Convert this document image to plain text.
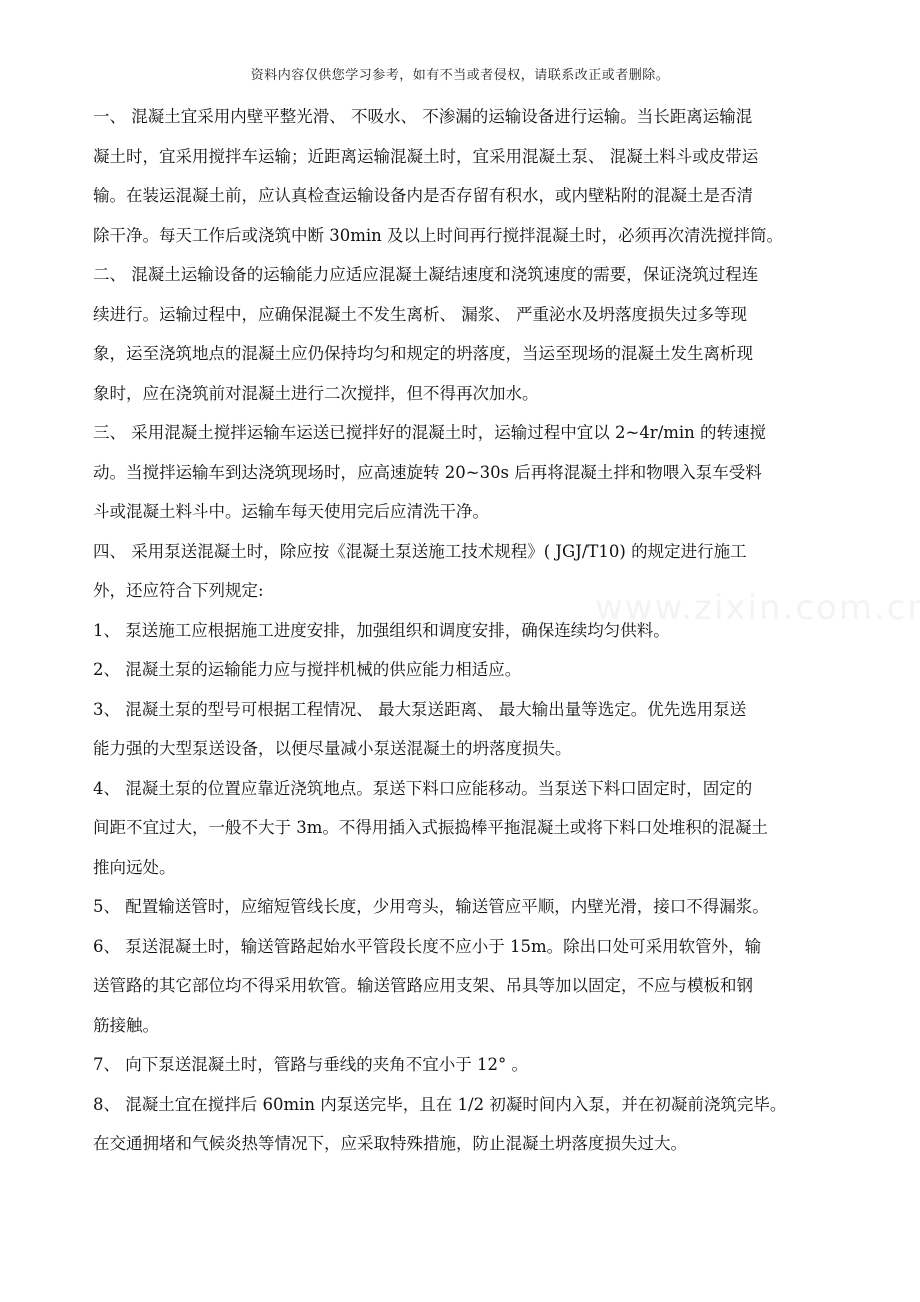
资料内容仅供您学习参考，如有不当或者侵权，请联系改正或者删除。
一、 混凝土宜采用内壁平整光滑、 不吸水、 不渗漏的运输设备进行运输。当长距离运输混
凝土时，宜采用搅拌车运输；近距离运输混凝土时，宜采用混凝土泵、 混凝土料斗或皮带运
输。在装运混凝土前，应认真检查运输设备内是否存留有积水，或内壁粘附的混凝土是否清
除干净。每天工作后或浇筑中断 30min 及以上时间再行搅拌混凝土时，必须再次清洗搅拌筒。
二、 混凝土运输设备的运输能力应适应混凝土凝结速度和浇筑速度的需要，保证浇筑过程连
续进行。运输过程中，应确保混凝土不发生离析、 漏浆、 严重泌水及坍落度损失过多等现
象，运至浇筑地点的混凝土应仍保持均匀和规定的坍落度，当运至现场的混凝土发生离析现
象时，应在浇筑前对混凝土进行二次搅拌，但不得再次加水。
三、 采用混凝土搅拌运输车运送已搅拌好的混凝土时，运输过程中宜以 2~4r/min 的转速搅
动。当搅拌运输车到达浇筑现场时，应高速旋转 20~30s 后再将混凝土拌和物喂入泵车受料
斗或混凝土料斗中。运输车每天使用完后应清洗干净。
四、 采用泵送混凝土时，除应按《混凝土泵送施工技术规程》( JGJ/T10) 的规定进行施工
外，还应符合下列规定:
1、 泵送施工应根据施工进度安排，加强组织和调度安排，确保连续均匀供料。
2、 混凝土泵的运输能力应与搅拌机械的供应能力相适应。
3、 混凝土泵的型号可根据工程情况、 最大泵送距离、 最大输出量等选定。优先选用泵送
能力强的大型泵送设备，以便尽量减小泵送混凝土的坍落度损失。
4、 混凝土泵的位置应靠近浇筑地点。泵送下料口应能移动。当泵送下料口固定时，固定的
间距不宜过大，一般不大于 3m。不得用插入式振捣棒平拖混凝土或将下料口处堆积的混凝土
推向远处。
5、 配置输送管时，应缩短管线长度，少用弯头，输送管应平顺，内壁光滑，接口不得漏浆。
6、 泵送混凝土时，输送管路起始水平管段长度不应小于 15m。除出口处可采用软管外，输
送管路的其它部位均不得采用软管。输送管路应用支架、吊具等加以固定，不应与模板和钢
筋接触。
7、 向下泵送混凝土时，管路与垂线的夹角不宜小于 12° 。
8、 混凝土宜在搅拌后 60min 内泵送完毕，且在 1/2 初凝时间内入泵，并在初凝前浇筑完毕。
在交通拥堵和气候炎热等情况下，应采取特殊措施，防止混凝土坍落度损失过大。
